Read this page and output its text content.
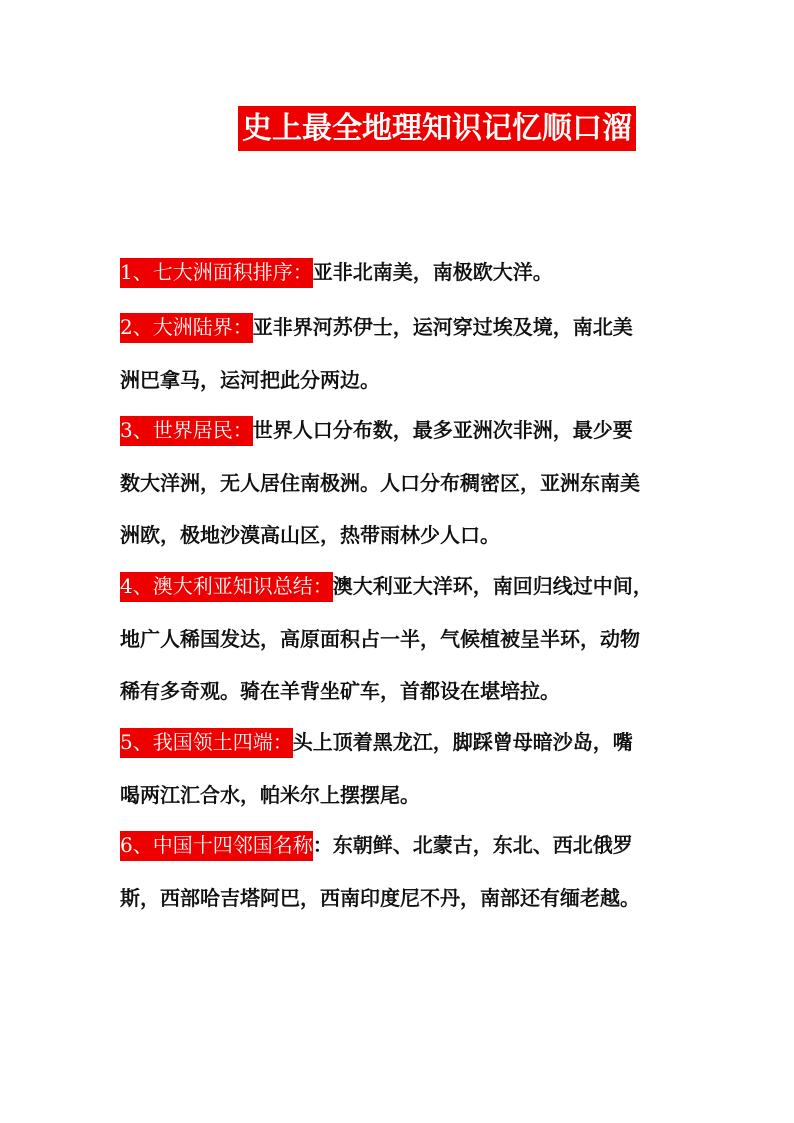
史上最全地理知识记忆顺口溜
1、七大洲面积排序：亚非北南美，南极欧大洋。
2、大洲陆界：亚非界河苏伊士，运河穿过埃及境，南北美
洲巴拿马，运河把此分两边。
3、世界居民：世界人口分布数，最多亚洲次非洲，最少要
数大洋洲，无人居住南极洲。人口分布稠密区，亚洲东南美
洲欧，极地沙漠高山区，热带雨林少人口。
4、澳大利亚知识总结：澳大利亚大洋环，南回归线过中间，
地广人稀国发达，高原面积占一半，气候植被呈半环，动物
稀有多奇观。骑在羊背坐矿车，首都设在堪培拉。
5、我国领土四端：头上顶着黑龙江，脚踩曾母暗沙岛，嘴
喝两江汇合水，帕米尔上摆摆尾。
6、中国十四邻国名称：东朝鲜、北蒙古，东北、西北俄罗
斯，西部哈吉塔阿巴，西南印度尼不丹，南部还有缅老越。
